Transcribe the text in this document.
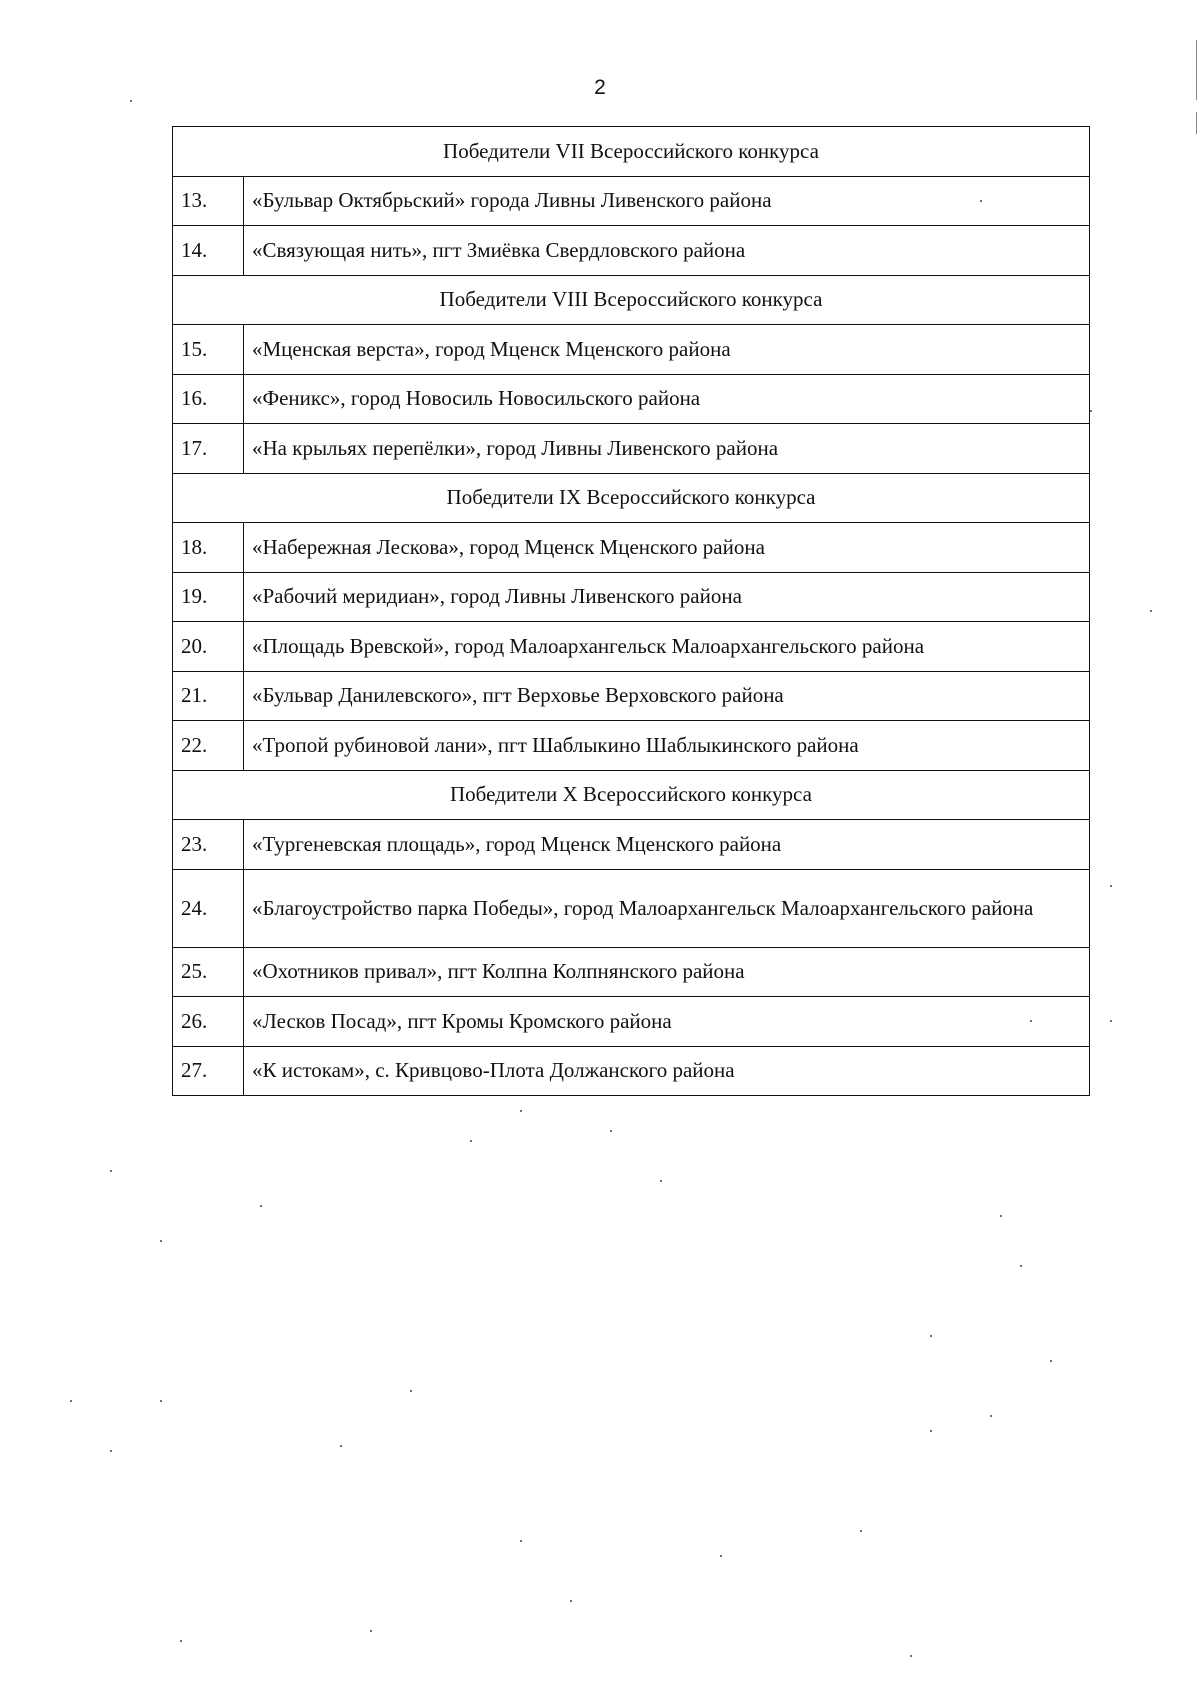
2
Победители VII Всероссийского конкурса	
13.	«Бульвар Октябрьский» города Ливны Ливенского района
14.	«Связующая нить», пгт Змиёвка Свердловского района
Победители VIII Всероссийского конкурса	
15.	«Мценская верста», город Мценск Мценского района
16.	«Феникс», город Новосиль Новосильского района
17.	«На крыльях перепёлки», город Ливны Ливенского района
Победители IX Всероссийского конкурса	
18.	«Набережная Лескова», город Мценск Мценского района
19.	«Рабочий меридиан», город Ливны Ливенского района
20.	«Площадь Вревской», город Малоархангельск Малоархангельского района
21.	«Бульвар Данилевского», пгт Верховье Верховского района
22.	«Тропой рубиновой лани», пгт Шаблыкино Шаблыкинского района
Победители X Всероссийского конкурса	
23.	«Тургеневская площадь», город Мценск Мценского района
24.	«Благоустройство парка Победы», город Малоархангельск Малоархангельского района
25.	«Охотников привал», пгт Колпна Колпнянского района
26.	«Лесков Посад», пгт Кромы Кромского района
27.	«К истокам», с. Кривцово-Плота Должанского района
